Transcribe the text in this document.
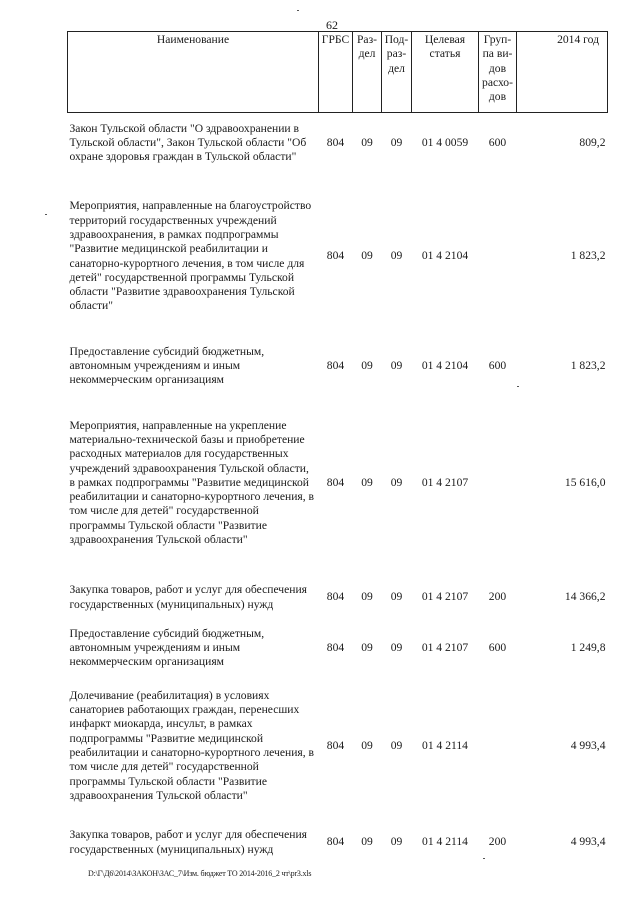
62
Наименование	ГРБС	Раз- дел	Под- раз- дел	Целевая статья	Груп- па ви- дов расхо- дов	2014 год
Закон Тульской области "О здравоохранении в Тульской области", Закон Тульской области "Об охране здоровья граждан в Тульской области"	804	09	09	01 4 0059	600	809,2
Мероприятия, направленные на благоустройство территорий государственных учреждений здравоохранения, в рамках подпрограммы "Развитие медицинской реабилитации и санаторно-курортного лечения, в том числе для детей" государственной программы Тульской области "Развитие здравоохранения Тульской области"	804	09	09	01 4 2104		1 823,2
Предоставление субсидий бюджетным, автономным учреждениям и иным некоммерческим организациям	804	09	09	01 4 2104	600	1 823,2
Мероприятия, направленные на укрепление материально-технической базы и приобретение расходных материалов для государственных учреждений здравоохранения Тульской области, в рамках подпрограммы "Развитие медицинской реабилитации и санаторно-курортного лечения, в том числе для детей" государственной программы Тульской области "Развитие здравоохранения Тульской области"	804	09	09	01 4 2107		15 616,0
Закупка товаров, работ и услуг для обеспечения государственных (муниципальных) нужд	804	09	09	01 4 2107	200	14 366,2
Предоставление субсидий бюджетным, автономным учреждениям и иным некоммерческим организациям	804	09	09	01 4 2107	600	1 249,8
Долечивание (реабилитация) в условиях санаториев работающих граждан, перенесших инфаркт миокарда, инсульт, в рамках подпрограммы "Развитие медицинской реабилитации и санаторно-курортного лечения, в том числе для детей" государственной программы Тульской области "Развитие здравоохранения Тульской области"	804	09	09	01 4 2114		4 993,4
Закупка товаров, работ и услуг для обеспечения государственных (муниципальных) нужд	804	09	09	01 4 2114	200	4 993,4
D:\Г\Д6\2014\ЗАКОН\ЗАС_7\Изм. бюджет ТО 2014-2016_2 чт\pr3.xls
